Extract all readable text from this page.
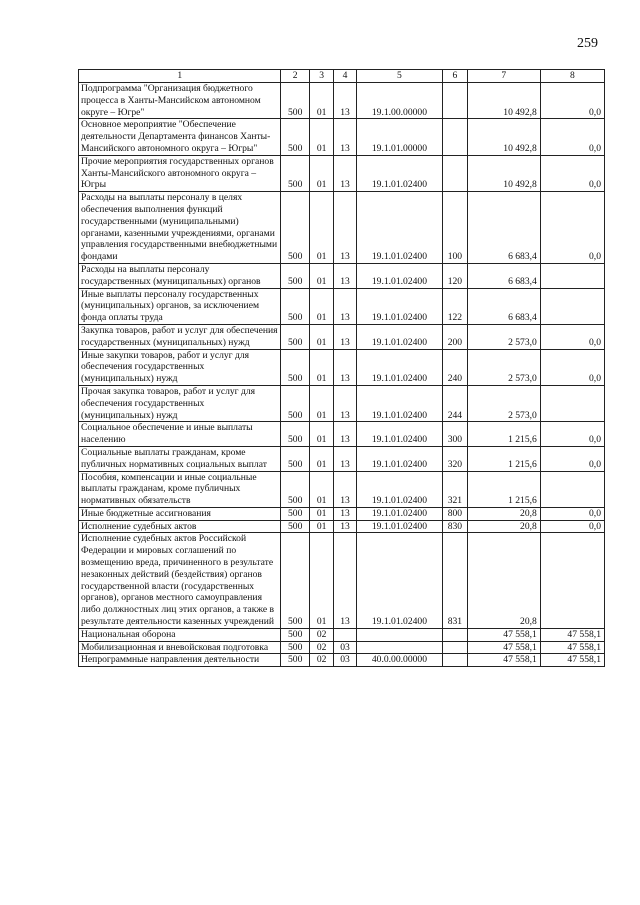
259
1	2	3	4	5	6	7	8
Подпрограмма "Организация бюджетного процесса в Ханты-Мансийском автономном округе – Югре"	500	01	13	19.1.00.00000		10 492,8	0,0
Основное мероприятие "Обеспечение деятельности Департамента финансов Ханты-Мансийского автономного округа – Югры"	500	01	13	19.1.01.00000		10 492,8	0,0
Прочие мероприятия государственных органов Ханты-Мансийского автономного округа – Югры	500	01	13	19.1.01.02400		10 492,8	0,0
Расходы на выплаты персоналу в целях обеспечения выполнения функций государственными (муниципальными) органами, казенными учреждениями, органами управления государственными внебюджетными фондами	500	01	13	19.1.01.02400	100	6 683,4	0,0
Расходы на выплаты персоналу государственных (муниципальных) органов	500	01	13	19.1.01.02400	120	6 683,4	
Иные выплаты персоналу государственных (муниципальных) органов, за исключением фонда оплаты труда	500	01	13	19.1.01.02400	122	6 683,4	
Закупка товаров, работ и услуг для обеспечения государственных (муниципальных) нужд	500	01	13	19.1.01.02400	200	2 573,0	0,0
Иные закупки товаров, работ и услуг для обеспечения государственных (муниципальных) нужд	500	01	13	19.1.01.02400	240	2 573,0	0,0
Прочая закупка товаров, работ и услуг для обеспечения государственных (муниципальных) нужд	500	01	13	19.1.01.02400	244	2 573,0	
Социальное обеспечение и иные выплаты населению	500	01	13	19.1.01.02400	300	1 215,6	0,0
Социальные выплаты гражданам, кроме публичных нормативных социальных выплат	500	01	13	19.1.01.02400	320	1 215,6	0,0
Пособия, компенсации и иные социальные выплаты гражданам, кроме публичных нормативных обязательств	500	01	13	19.1.01.02400	321	1 215,6	
Иные бюджетные ассигнования	500	01	13	19.1.01.02400	800	20,8	0,0
Исполнение судебных актов	500	01	13	19.1.01.02400	830	20,8	0,0
Исполнение судебных актов Российской Федерации и мировых соглашений по возмещению вреда, причиненного в результате незаконных действий (бездействия) органов государственной власти (государственных органов), органов местного самоуправления либо должностных лиц этих органов, а также в результате деятельности казенных учреждений	500	01	13	19.1.01.02400	831	20,8	
Национальная оборона	500	02				47 558,1	47 558,1
Мобилизационная и вневойсковая подготовка	500	02	03			47 558,1	47 558,1
Непрограммные направления деятельности	500	02	03	40.0.00.00000		47 558,1	47 558,1
